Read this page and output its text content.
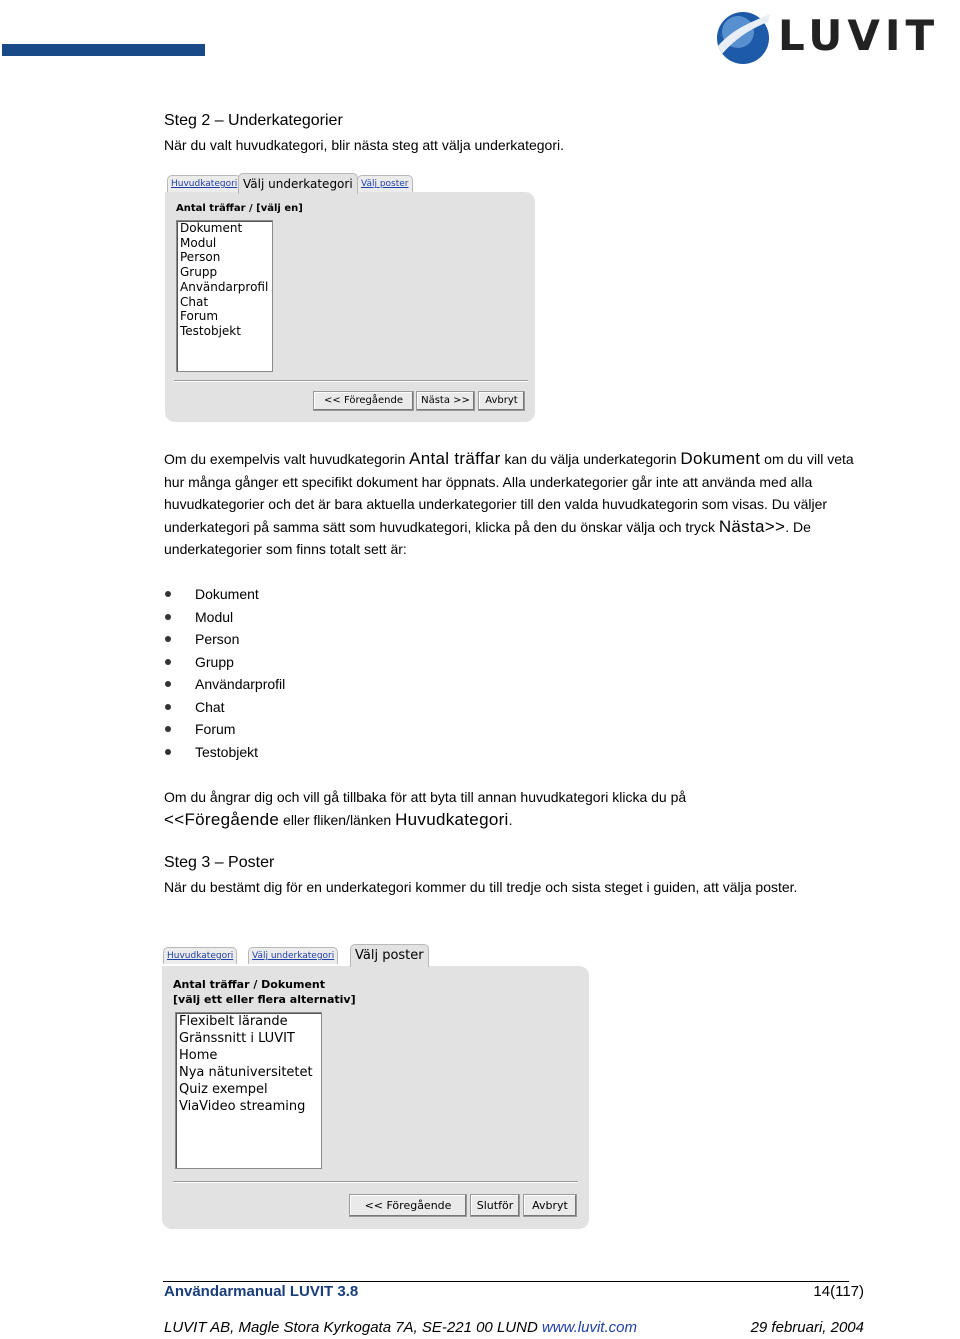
LUVIT
Steg 2 – Underkategorier

När du valt huvudkategori, blir nästa steg att välja underkategori.

Huvudkategori Välj underkategori Välj poster
Antal träffar / [välj en]
Dokument
Modul
Person
Grupp
Användarprofil
Chat
Forum
Testobjekt
<< Föregående	Nästa >>	Avbryt

Om du exempelvis valt huvudkategorin Antal träffar kan du välja underkategorin Dokument om du vill veta hur många gånger ett specifikt dokument har öppnats. Alla underkategorier går inte att använda med alla huvudkategorier och det är bara aktuella underkategorier till den valda huvudkategorin som visas. Du väljer underkategori på samma sätt som huvudkategori, klicka på den du önskar välja och tryck Nästa>>. De underkategorier som finns totalt sett är:

Dokument
Modul
Person
Grupp
Användarprofil
Chat
Forum
Testobjekt

Om du ångrar dig och vill gå tillbaka för att byta till annan huvudkategori klicka du på
<<Föregående eller fliken/länken Huvudkategori.

Steg 3 – Poster

När du bestämt dig för en underkategori kommer du till tredje och sista steget i guiden, att välja poster.

Huvudkategori	Välj underkategori	Välj poster
Antal träffar / Dokument
[välj ett eller flera alternativ]
Flexibelt lärande
Gränssnitt i LUVIT
Home
Nya nätuniversitetet
Quiz exempel
ViaVideo streaming
<< Föregående	Slutför	Avbryt
Användarmanual LUVIT 3.8	14(117)
LUVIT AB, Magle Stora Kyrkogata 7A, SE-221 00 LUND www.luvit.com	29 februari, 2004
